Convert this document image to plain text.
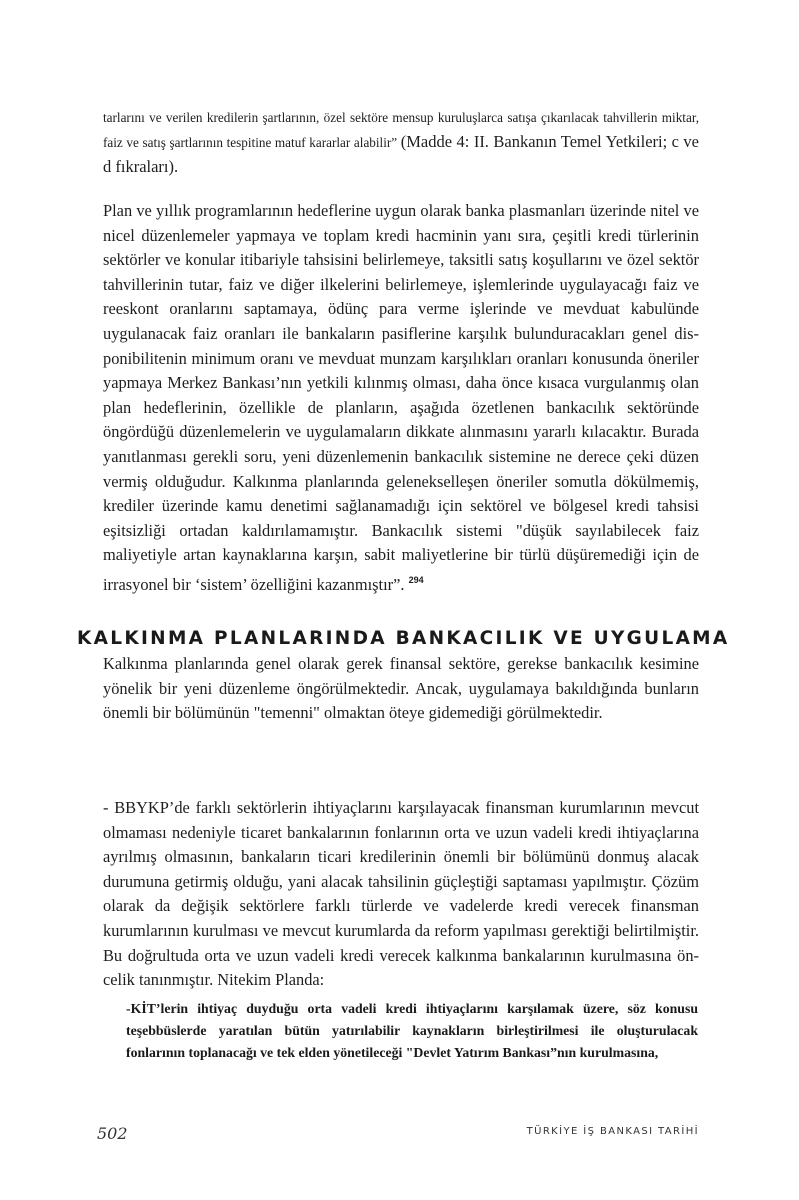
tarlarını ve verilen kredilerin şartlarının, özel sektöre mensup kuruluşlarca satışa çıkarılacak tahvillerin miktar, faiz ve satış şartlarının tespitine matuf kararlar alabilir” (Madde 4: II. Bankanın Temel Yetkileri; c ve d fıkraları).

Plan ve yıllık programlarının hedeflerine uygun olarak banka plasmanları üzerinde nitel ve nicel düzenlemeler yapmaya ve toplam kredi hacminin yanı sıra, çeşitli kredi türlerinin sektörler ve konular itibariyle tahsisini belirlemeye, taksitli satış koşullarını ve özel sektör tahvillerinin tutar, faiz ve diğer ilkelerini belirlemeye, işlemlerinde uygulayacağı faiz ve reeskont oranlarını saptamaya, ödünç para verme işlerinde ve mevduat kabulünde uygulanacak faiz oranları ile bankaların pasiflerine karşılık bulunduracakları genel disponibilitenin minimum oranı ve mevduat munzam karşılıkları oranları konusunda öneriler yapmaya Merkez Bankası’nın yetkili kılınmış olması, daha önce kısaca vurgulanmış olan plan hedeflerinin, özellikle de planların, aşağıda özetlenen bankacılık sektöründe öngördüğü düzenlemelerin ve uygulamaların dikkate alınmasını yararlı kılacaktır. Burada yanıtlanması gerekli soru, yeni düzenlemenin bankacılık sistemine ne derece çeki düzen vermiş olduğudur. Kalkınma planlarında gelenekselleşen öneriler somutla dökülmemiş, krediler üzerinde kamu denetimi sağlanamadığı için sektörel ve bölgesel kredi tahsisi eşitsizliği ortadan kaldırılamamıştır. Bankacılık sistemi "düşük sayılabilecek faiz maliyetiyle artan kaynaklarına karşın, sabit maliyetlerine bir türlü düşüremediği için de irrasyonel bir ‘sistem’ özelliğini kazanmıştır”. $^{294}$

KALKINMA PLANLARINDA BANKACILIK VE UYGULAMA

Kalkınma planlarında genel olarak gerek finansal sektöre, gerekse bankacılık kesimine yönelik bir yeni düzenleme öngörülmektedir. Ancak, uygulamaya bakıldığında bunların önemli bir bölümünün "temenni" olmaktan öteye gidemediği görülmektedir.

- BBYKP’de farklı sektörlerin ihtiyaçlarını karşılayacak finansman kurumlarının mevcut olmaması nedeniyle ticaret bankalarının fonlarının orta ve uzun vadeli kredi ihtiyaçlarına ayrılmış olmasının, bankaların ticari kredilerinin önemli bir bölümünü donmuş alacak durumuna getirmiş olduğu, yani alacak tahsilinin güçleştiği saptaması yapılmıştır. Çözüm olarak da değişik sektörlere farklı türlerde ve vadelerde kredi verecek finansman kurumlarının kurulması ve mevcut kurumlarda da reform yapılması gerektiği belirtilmiştir. Bu doğrultuda orta ve uzun vadeli kredi verecek kalkınma bankalarının kurulmasına öncelik tanınmıştır. Nitekim Planda:

-KİT’lerin ihtiyaç duyduğu orta vadeli kredi ihtiyaçlarını karşılamak üzere, söz konusu teşebbüslerde yaratılan bütün yatırılabilir kaynakların birleştirilmesi ile oluşturulacak fonlarının toplanacağı ve tek elden yönetileceği "Devlet Yatırım Bankası”nın kurulmasına,
502	TÜRKİYE İŞ BANKASI TARİHİ
